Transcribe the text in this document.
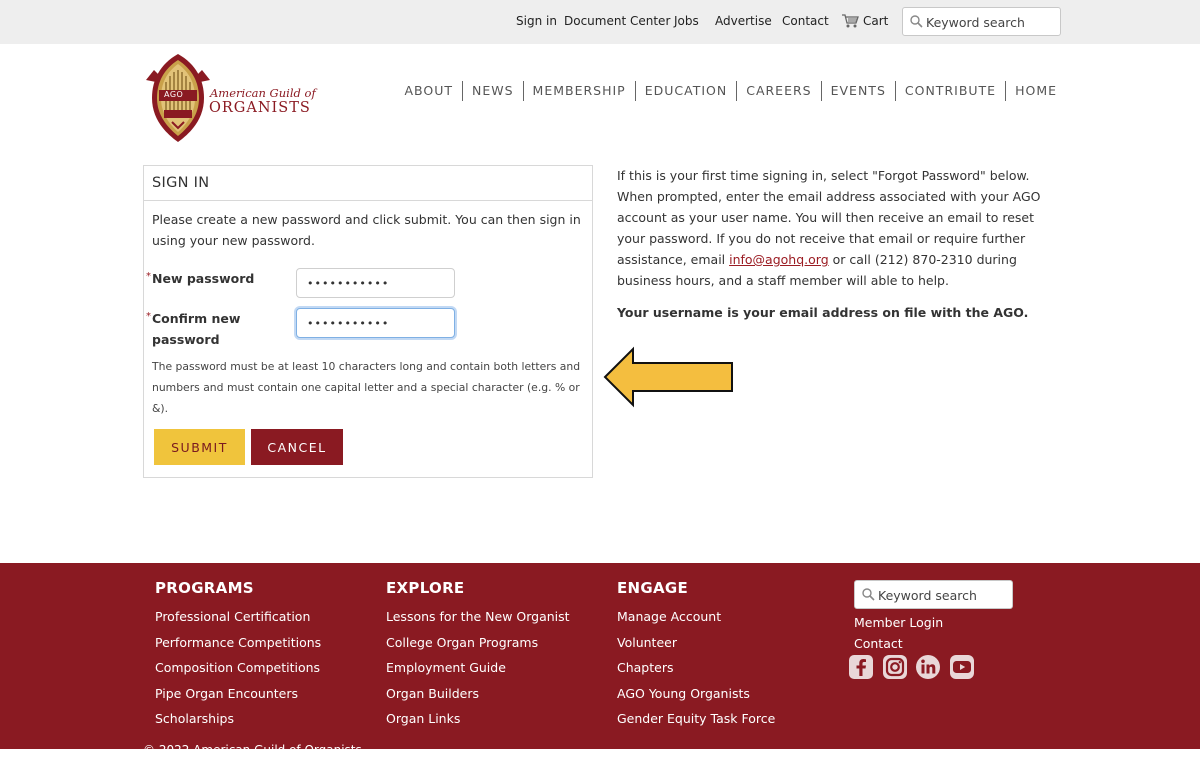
Sign in Document Center Jobs Advertise Contact	Cart
Keyword search
AGO American Guild of
ORGANISTS
ABOUT	NEWS	MEMBERSHIP	EDUCATION	CAREERS	EVENTS	CONTRIBUTE	HOME
SIGN IN
Please create a new password and click submit. You can then sign in using your new password.
* New password
•••••••••••
* Confirm new
password
•••••••••••
The password must be at least 10 characters long and contain both letters and numbers and must contain one capital letter and a special character (e.g. % or &).
SUBMIT	CANCEL
If this is your first time signing in, select "Forgot Password" below. When prompted, enter the email address associated with your AGO account as your user name. You will then receive an email to reset your password. If you do not receive that email or require further assistance, email info@agohq.org or call (212) 870-2310 during business hours, and a staff member will able to help.
Your username is your email address on file with the AGO.
PROGRAMS
Professional Certification
Performance Competitions
Composition Competitions
Pipe Organ Encounters
Scholarships
EXPLORE
Lessons for the New Organist
College Organ Programs
Employment Guide
Organ Builders
Organ Links
ENGAGE
Manage Account
Volunteer
Chapters
AGO Young Organists
Gender Equity Task Force
Keyword search
Member Login
Contact
© 2022 American Guild of Organists
